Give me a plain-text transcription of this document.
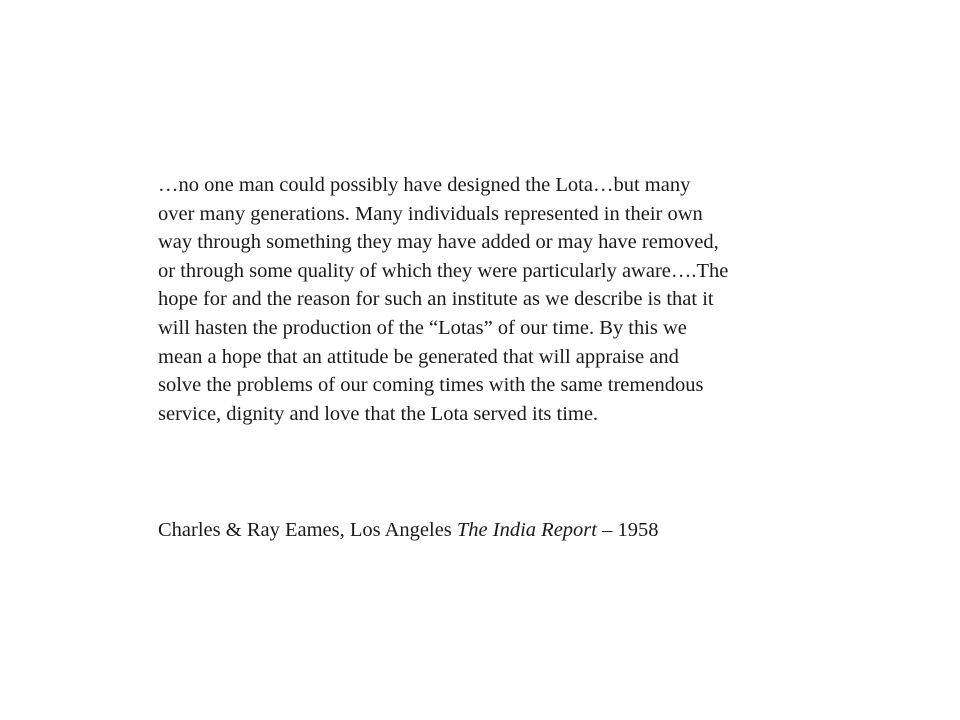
…no one man could possibly have designed the Lota…but many
over many generations. Many individuals represented in their own
way through something they may have added or may have removed,
or through some quality of which they were particularly aware….The
hope for and the reason for such an institute as we describe is that it
will hasten the production of the “Lotas” of our time. By this we
mean a hope that an attitude be generated that will appraise and
solve the problems of our coming times with the same tremendous
service, dignity and love that the Lota served its time.
Charles & Ray Eames, Los Angeles The India Report – 1958
